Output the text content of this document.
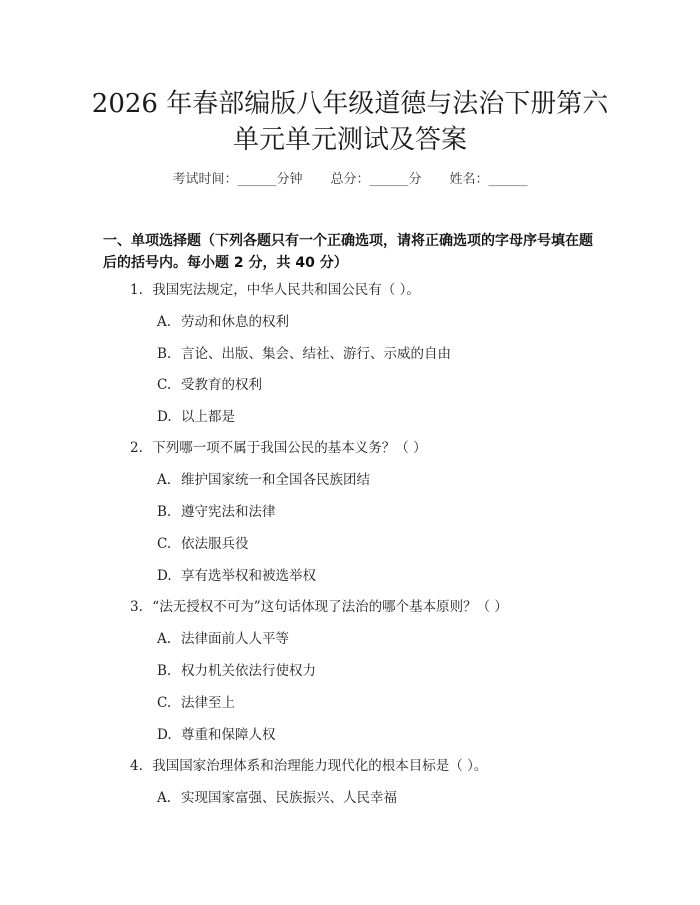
2026 年春部编版八年级道德与法治下册第六
单元单元测试及答案
考试时间：______分钟 总分：______分 姓名：______
一、单项选择题（下列各题只有一个正确选项，请将正确选项的字母序号填在题
后的括号内。每小题 2 分，共 40 分）
1. 我国宪法规定，中华人民共和国公民有（ ）。
A. 劳动和休息的权利
B. 言论、出版、集会、结社、游行、示威的自由
C. 受教育的权利
D. 以上都是
2. 下列哪一项不属于我国公民的基本义务？（ ）
A. 维护国家统一和全国各民族团结
B. 遵守宪法和法律
C. 依法服兵役
D. 享有选举权和被选举权
3. “法无授权不可为”这句话体现了法治的哪个基本原则？（ ）
A. 法律面前人人平等
B. 权力机关依法行使权力
C. 法律至上
D. 尊重和保障人权
4. 我国国家治理体系和治理能力现代化的根本目标是（ ）。
A. 实现国家富强、民族振兴、人民幸福
